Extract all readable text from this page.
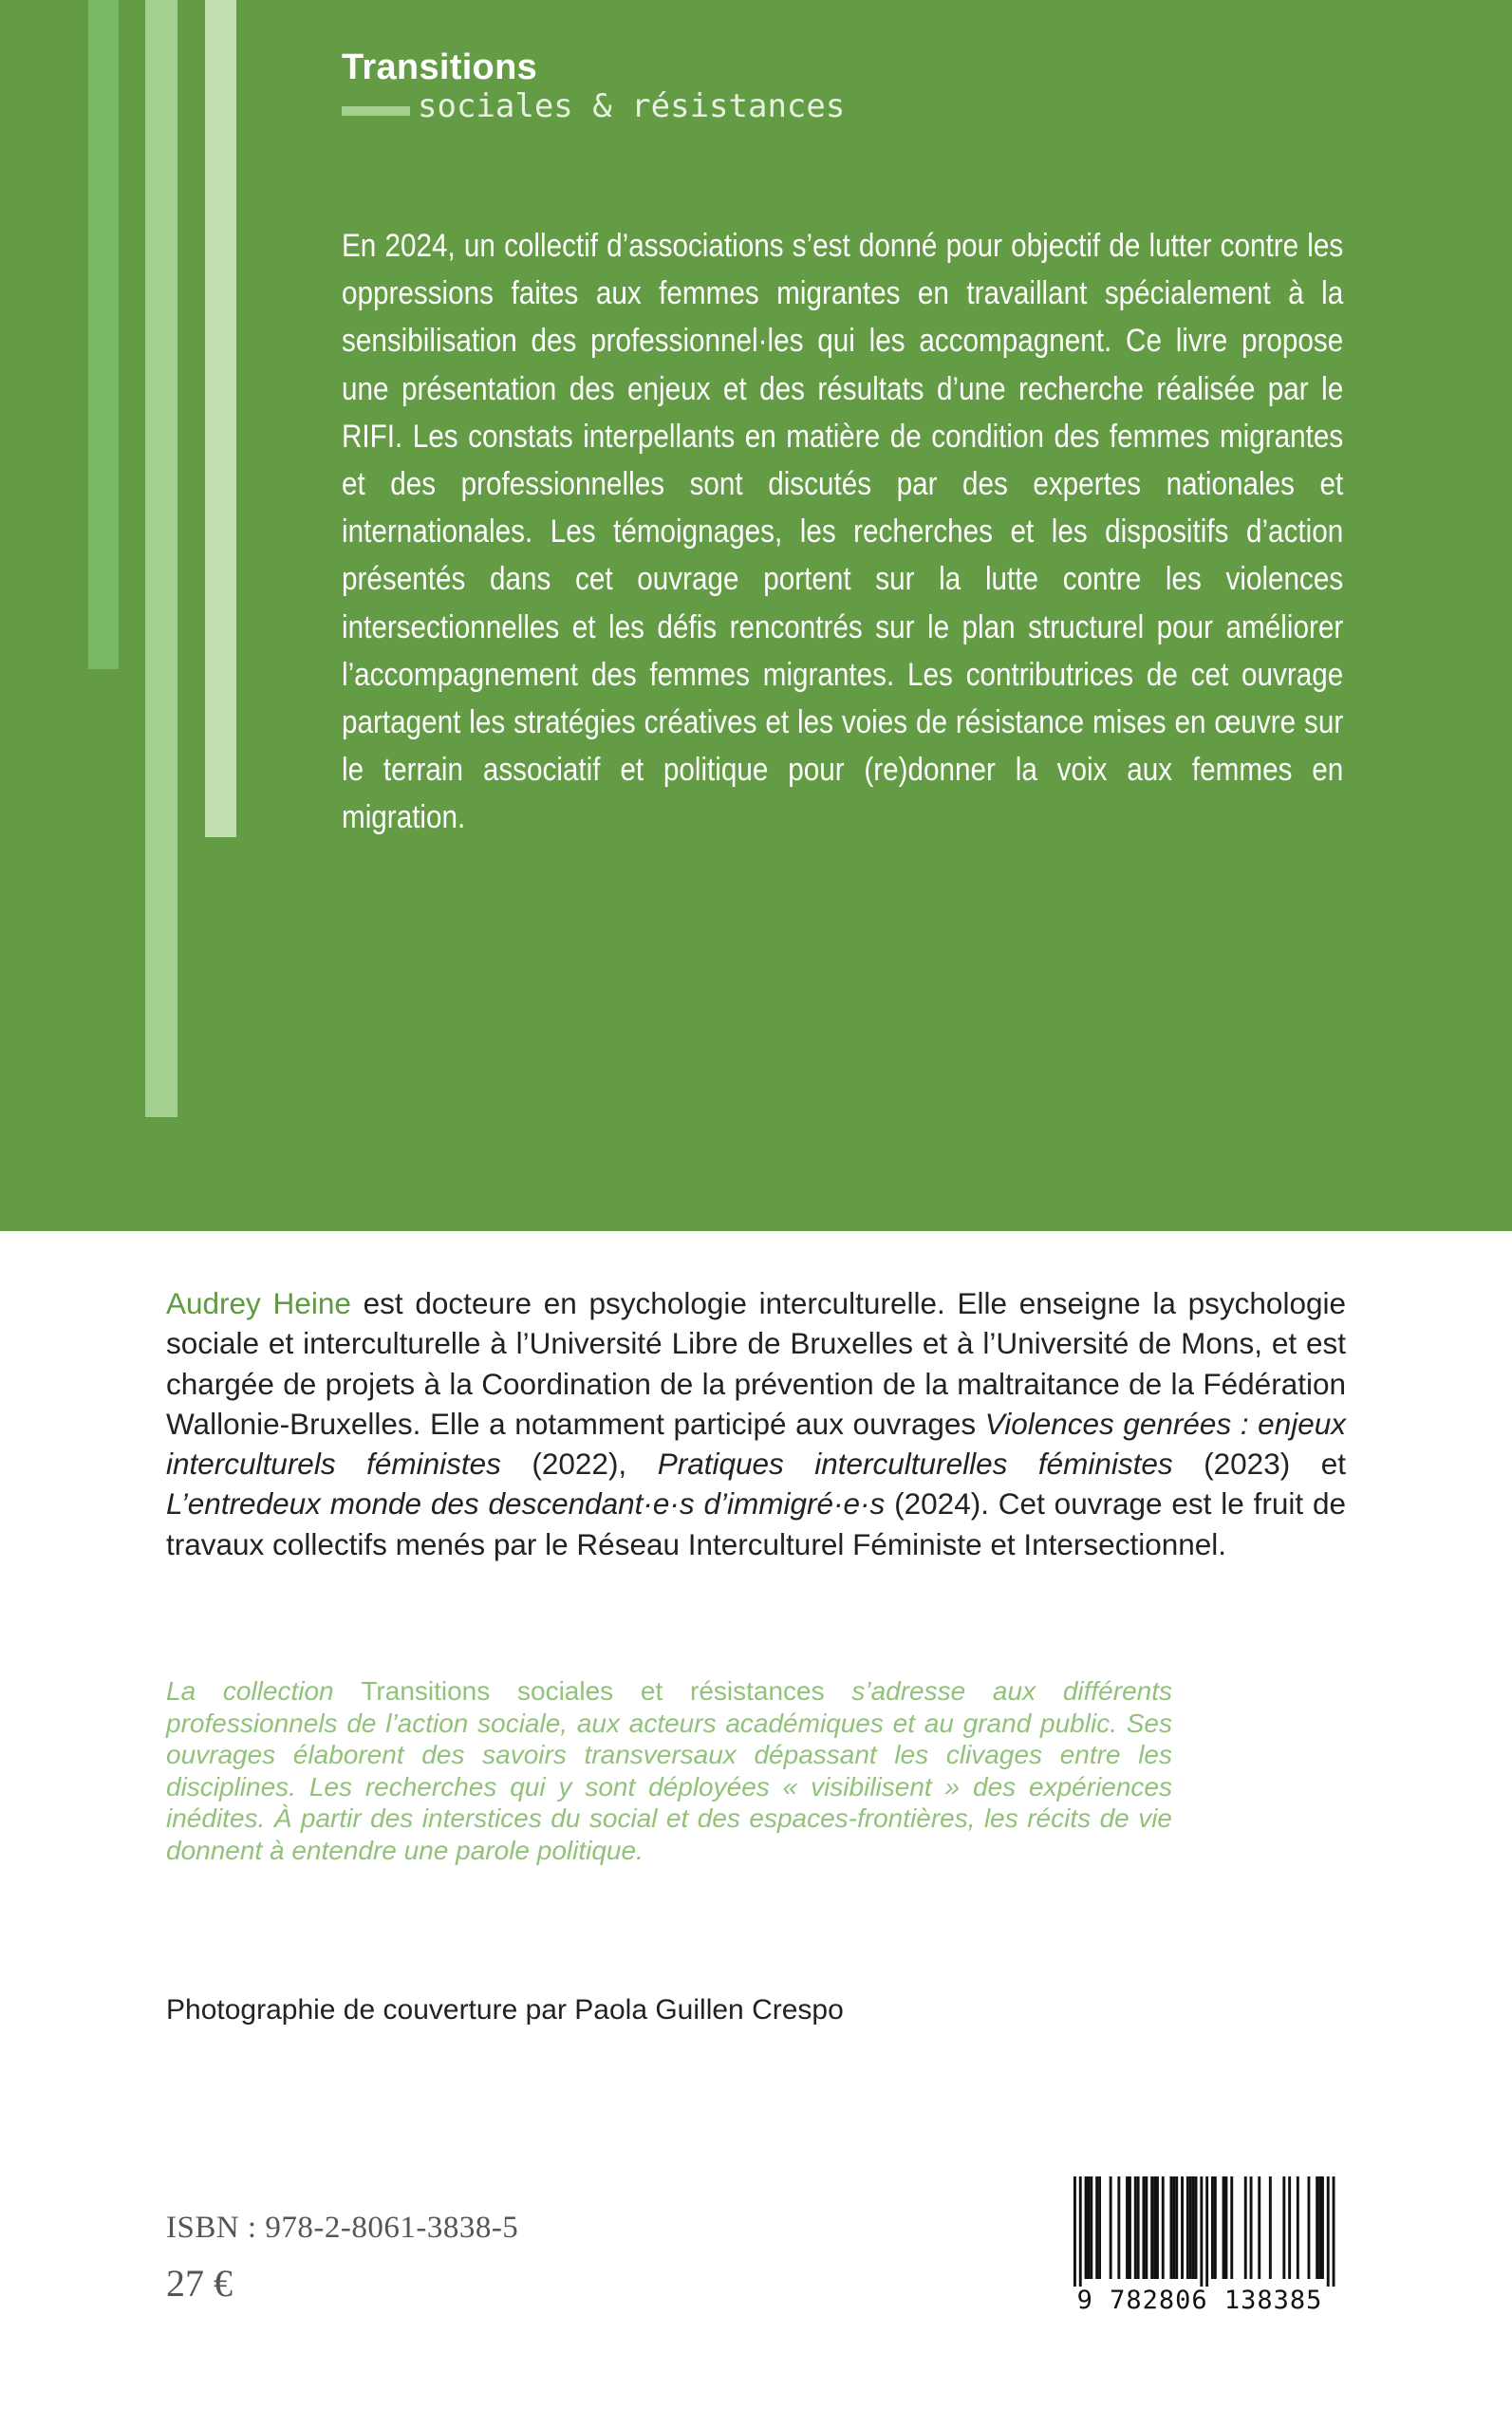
Transitions
sociales & résistances
En 2024, un collectif d’associations s’est donné pour objectif de lutter contre les oppressions faites aux femmes migrantes en travaillant spécialement à la sensibilisation des professionnel·les qui les accompagnent. Ce livre propose une présentation des enjeux et des résultats d’une recherche réalisée par le RIFI. Les constats interpellants en matière de condition des femmes migrantes et des professionnelles sont discutés par des expertes nationales et internationales. Les témoignages, les recherches et les dispositifs d’action présentés dans cet ouvrage portent sur la lutte contre les violences intersectionnelles et les défis rencontrés sur le plan structurel pour améliorer l’accompagnement des femmes migrantes. Les contributrices de cet ouvrage partagent les stratégies créatives et les voies de résistance mises en œuvre sur le terrain associatif et politique pour (re)donner la voix aux femmes en migration.
Audrey Heine est docteure en psychologie interculturelle. Elle enseigne la psychologie sociale et interculturelle à l’Université Libre de Bruxelles et à l’Université de Mons, et est chargée de projets à la Coordination de la prévention de la maltraitance de la Fédération Wallonie-Bruxelles. Elle a notamment participé aux ouvrages Violences genrées : enjeux interculturels féministes (2022), Pratiques interculturelles féministes (2023) et L’entredeux monde des descendant·e·s d’immigré·e·s (2024). Cet ouvrage est le fruit de travaux collectifs menés par le Réseau Interculturel Féministe et Intersectionnel.
La collection Transitions sociales et résistances s’adresse aux différents professionnels de l’action sociale, aux acteurs académiques et au grand public. Ses ouvrages élaborent des savoirs transversaux dépassant les clivages entre les disciplines. Les recherches qui y sont déployées « visibilisent » des expériences inédites. À partir des interstices du social et des espaces-frontières, les récits de vie donnent à entendre une parole politique.
Photographie de couverture par Paola Guillen Crespo
ISBN : 978-2-8061-3838-5
27 €	9 782806 138385
